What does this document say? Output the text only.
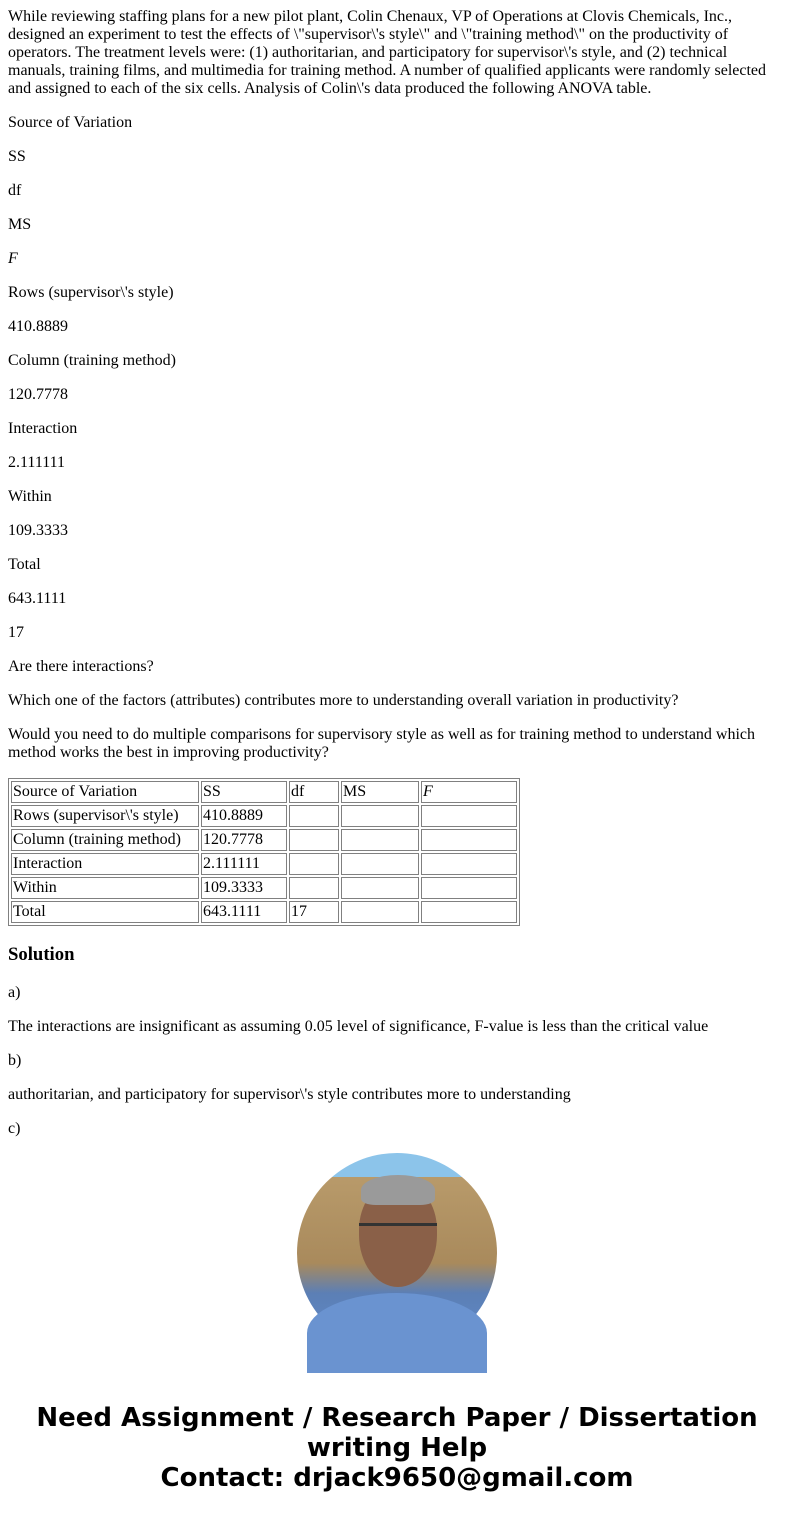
While reviewing staffing plans for a new pilot plant, Colin Chenaux, VP of Operations at Clovis Chemicals, Inc., designed an experiment to test the effects of \"supervisor\'s style\" and \"training method\" on the productivity of operators. The treatment levels were: (1) authoritarian, and participatory for supervisor\'s style, and (2) technical manuals, training films, and multimedia for training method. A number of qualified applicants were randomly selected and assigned to each of the six cells. Analysis of Colin\'s data produced the following ANOVA table.

Source of Variation

SS

df

MS

F

Rows (supervisor\'s style)

410.8889

Column (training method)

120.7778

Interaction

2.111111

Within

109.3333

Total

643.1111

17

Are there interactions?

Which one of the factors (attributes) contributes more to understanding overall variation in productivity?

Would you need to do multiple comparisons for supervisory style as well as for training method to understand which method works the best in improving productivity?

Source of Variation	SS	df	MS	F
Rows (supervisor\'s style)	410.8889			
Column (training method)	120.7778			
Interaction	2.111111			
Within	109.3333			
Total	643.1111	17		
Solution

a)

The interactions are insignificant as assuming 0.05 level of significance, F-value is less than the critical value

b)

authoritarian, and participatory for supervisor\'s style contributes more to understanding

c)

Need Assignment / Research Paper / Dissertation writing Help
Contact: drjack9650@gmail.com
